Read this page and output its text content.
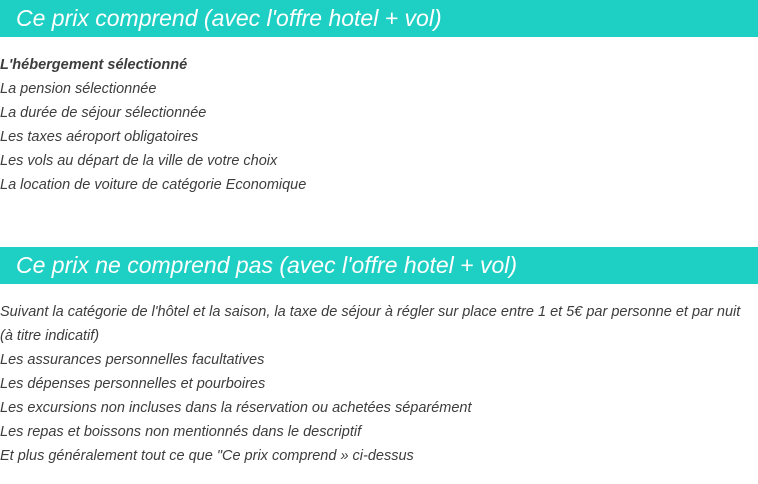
Ce prix comprend (avec l'offre hotel + vol)
L'hébergement sélectionné
La pension sélectionnée
La durée de séjour sélectionnée
Les taxes aéroport obligatoires
Les vols au départ de la ville de votre choix
La location de voiture de catégorie Economique
Ce prix ne comprend pas (avec l'offre hotel + vol)
Suivant la catégorie de l'hôtel et la saison, la taxe de séjour à régler sur place entre 1 et 5€ par personne et par nuit (à titre indicatif)
Les assurances personnelles facultatives
Les dépenses personnelles et pourboires
Les excursions non incluses dans la réservation ou achetées séparément
Les repas et boissons non mentionnés dans le descriptif
Et plus généralement tout ce que "Ce prix comprend » ci-dessus
